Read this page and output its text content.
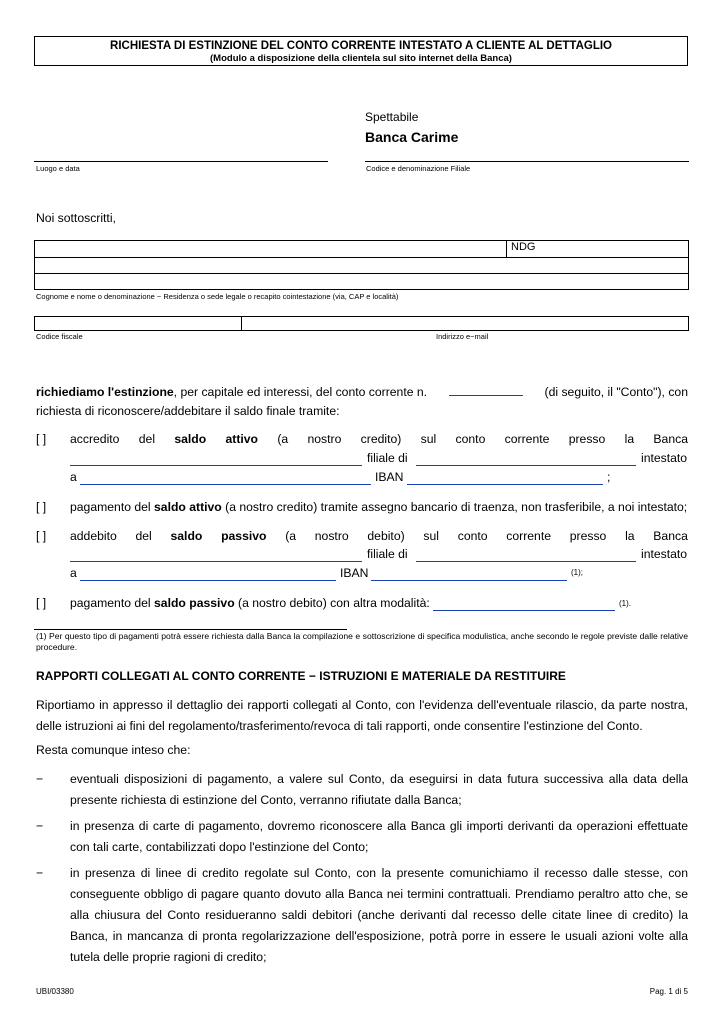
RICHIESTA DI ESTINZIONE DEL CONTO CORRENTE INTESTATO A CLIENTE AL DETTAGLIO
(Modulo a disposizione della clientela sul sito internet della Banca)
Spettabile
Banca Carime
Luogo e data	Codice e denominazione Filiale
Noi sottoscritti,
	NDG

Cognome e nome o denominazione − Residenza o sede legale o recapito cointestazione (via, CAP e località)

Codice fiscale	Indirizzo e−mail
richiediamo l'estinzione, per capitale ed interessi, del conto corrente n.	(di seguito, il "Conto"), con
richiesta di riconoscere/addebitare il saldo finale tramite:
[ ] accredito del saldo attivo (a nostro credito) sul conto corrente presso la Banca
filiale di	intestato
a	IBAN	;
[ ] pagamento del saldo attivo (a nostro credito) tramite assegno bancario di traenza, non trasferibile, a noi intestato;
[ ] addebito del saldo passivo (a nostro debito) sul conto corrente presso la Banca
filiale di	intestato
a	IBAN	(1);
[ ] pagamento del saldo passivo (a nostro debito) con altra modalità:	(1).
(1) Per questo tipo di pagamenti potrà essere richiesta dalla Banca la compilazione e sottoscrizione di specifica modulistica, anche secondo le regole previste dalle relative procedure.
RAPPORTI COLLEGATI AL CONTO CORRENTE − ISTRUZIONI E MATERIALE DA RESTITUIRE
Riportiamo in appresso il dettaglio dei rapporti collegati al Conto, con l'evidenza dell'eventuale rilascio, da parte nostra, delle istruzioni ai fini del regolamento/trasferimento/revoca di tali rapporti, onde consentire l'estinzione del Conto.
Resta comunque inteso che:
−	eventuali disposizioni di pagamento, a valere sul Conto, da eseguirsi in data futura successiva alla data della presente richiesta di estinzione del Conto, verranno rifiutate dalla Banca;
−	in presenza di carte di pagamento, dovremo riconoscere alla Banca gli importi derivanti da operazioni effettuate con tali carte, contabilizzati dopo l'estinzione del Conto;
−	in presenza di linee di credito regolate sul Conto, con la presente comunichiamo il recesso dalle stesse, con conseguente obbligo di pagare quanto dovuto alla Banca nei termini contrattuali. Prendiamo peraltro atto che, se alla chiusura del Conto residueranno saldi debitori (anche derivanti dal recesso delle citate linee di credito) la Banca, in mancanza di pronta regolarizzazione dell'esposizione, potrà porre in essere le usuali azioni volte alla tutela delle proprie ragioni di credito;
UBI/03380	Pag. 1 di 5
